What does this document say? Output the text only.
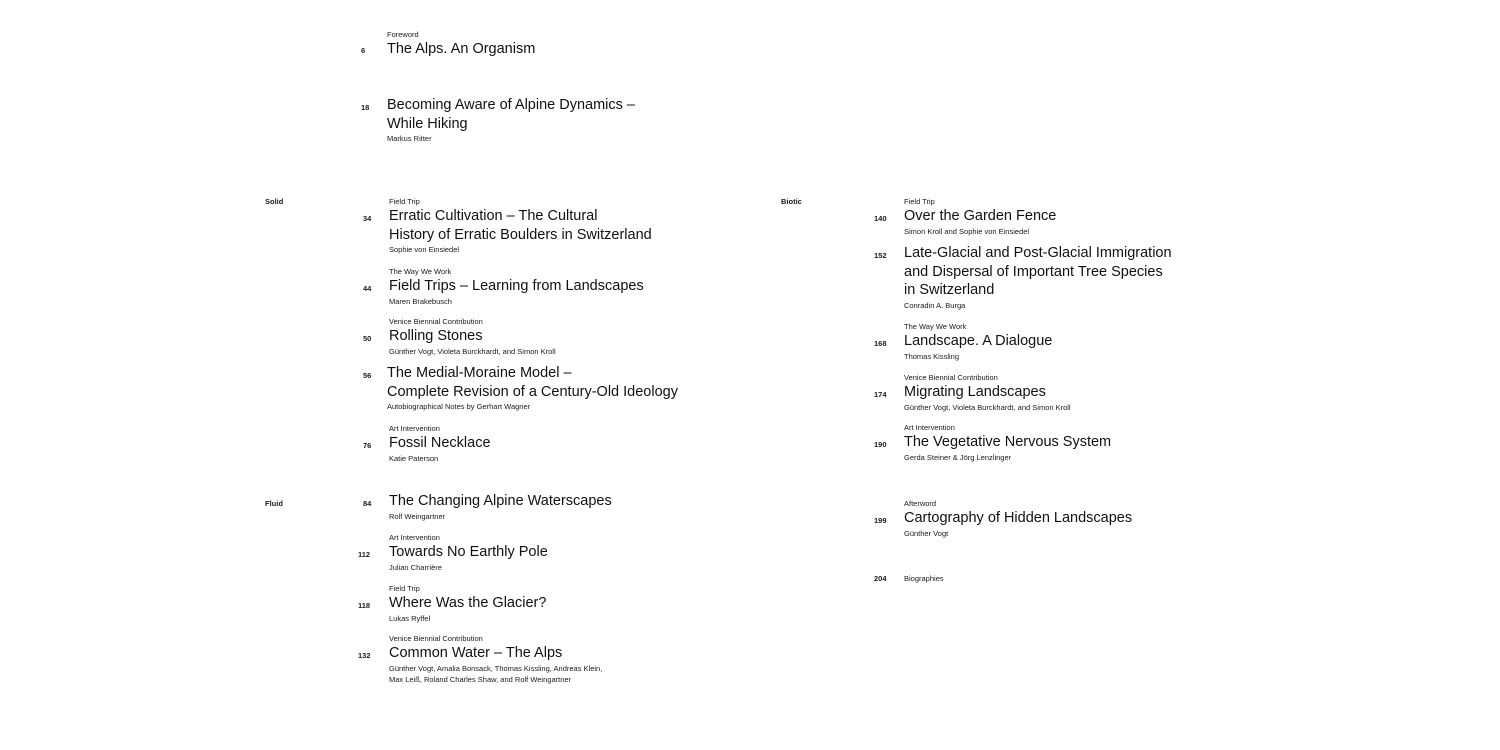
Foreword
6	The Alps. An Organism
18 Becoming Aware of Alpine Dynamics –
While Hiking
Markus Ritter
Solid
Fluid
Biotic
Field Trip
34 Erratic Cultivation – The Cultural
History of Erratic Boulders in Switzerland
Sophie von Einsiedel
The Way We Work
44 Field Trips – Learning from Landscapes
Maren Brakebusch
Venice Biennial Contribution
50 Rolling Stones
Günther Vogt, Violeta Burckhardt, and Simon Kroll
56 The Medial-Moraine Model –
Complete Revision of a Century-Old Ideology
Autobiographical Notes by Gerhart Wagner
Art Intervention
76 Fossil Necklace
Katie Paterson
84 The Changing Alpine Waterscapes
Rolf Weingartner
Art Intervention
112 Towards No Earthly Pole
Julian Charrière
Field Trip
118 Where Was the Glacier?
Lukas Ryffel
Venice Biennial Contribution
132 Common Water – The Alps
Günther Vogt, Amalia Bonsack, Thomas Kissling, Andreas Klein,
Max Leiß, Roland Charles Shaw, and Rolf Weingartner
Field Trip
140 Over the Garden Fence
Simon Kroll and Sophie von Einsiedel
152 Late-Glacial and Post-Glacial Immigration
and Dispersal of Important Tree Species
in Switzerland
Conradin A. Burga
The Way We Work
168 Landscape. A Dialogue
Thomas Kissling
Venice Biennial Contribution
174 Migrating Landscapes
Günther Vogt, Violeta Burckhardt, and Simon Kroll
Art Intervention
190 The Vegetative Nervous System
Gerda Steiner & Jörg Lenzlinger
Afterword
199 Cartography of Hidden Landscapes
Günther Vogt
204 Biographies
